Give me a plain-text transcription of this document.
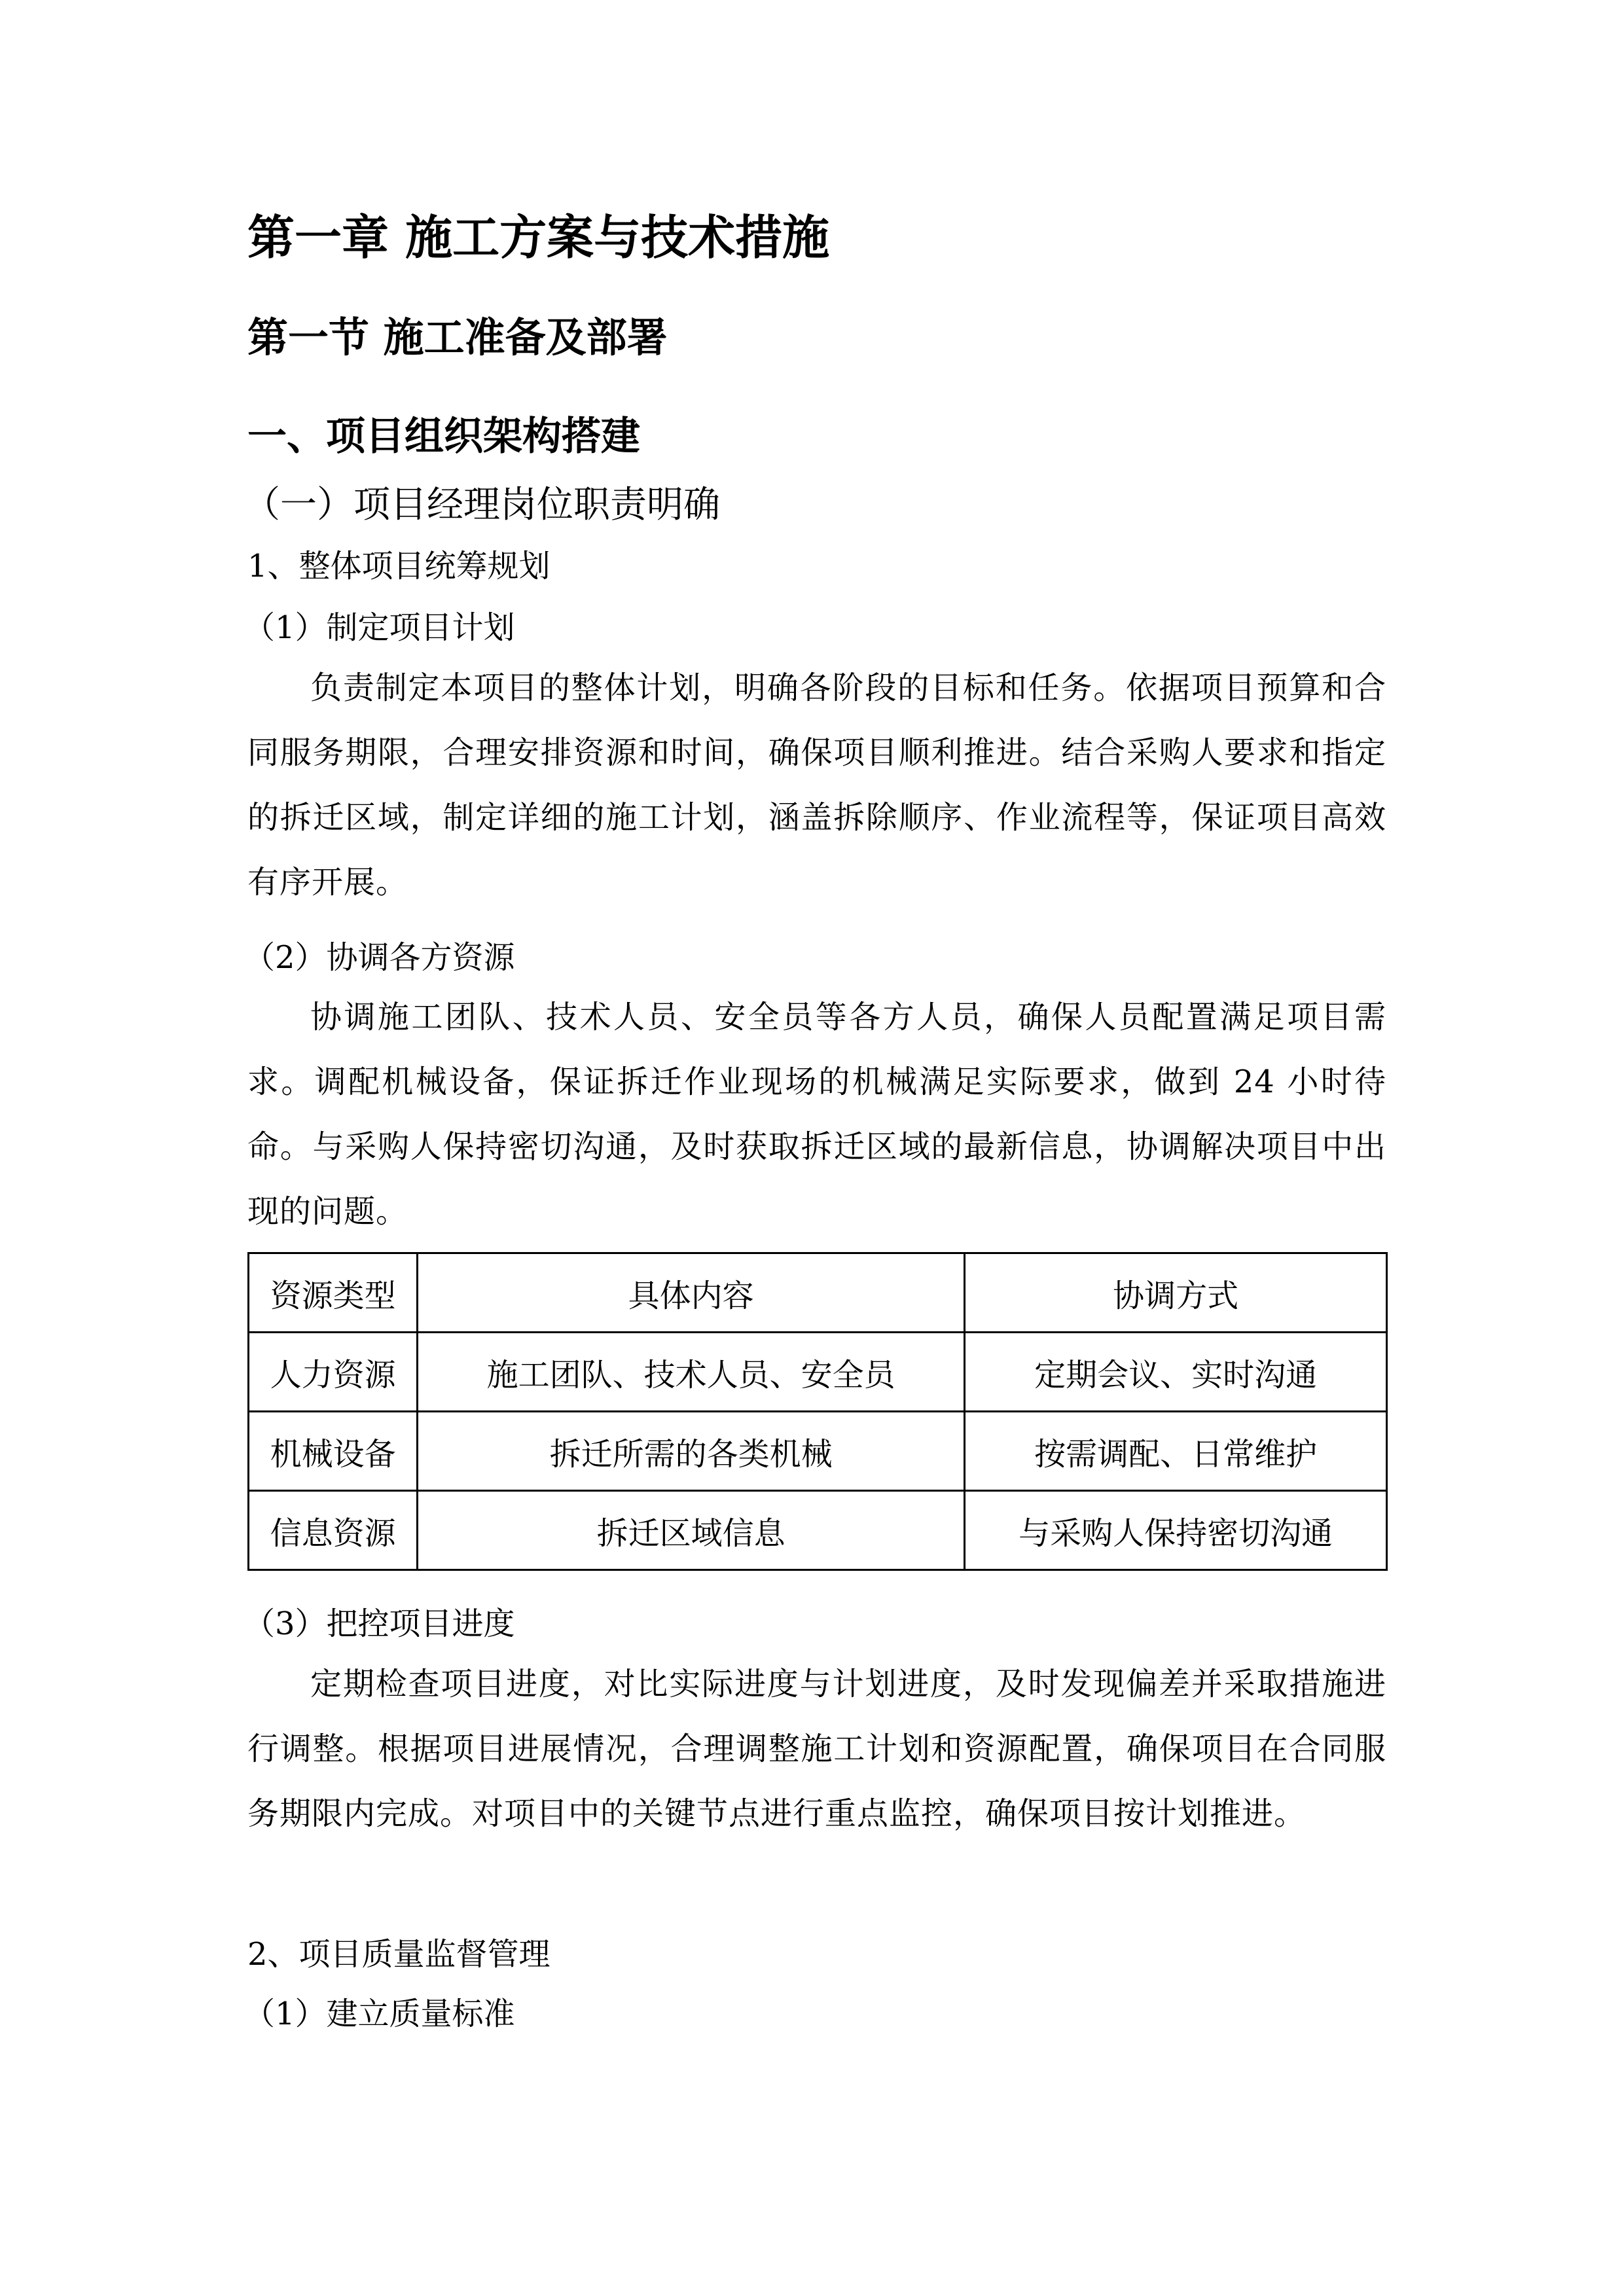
第一章 施工方案与技术措施
第一节 施工准备及部署
一、项目组织架构搭建
（一）项目经理岗位职责明确
1、整体项目统筹规划
（1）制定项目计划
负责制定本项目的整体计划，明确各阶段的目标和任务。依据项目预算和合同服务期限，合理安排资源和时间，确保项目顺利推进。结合采购人要求和指定的拆迁区域，制定详细的施工计划，涵盖拆除顺序、作业流程等，保证项目高效有序开展。
（2）协调各方资源
协调施工团队、技术人员、安全员等各方人员，确保人员配置满足项目需求。调配机械设备，保证拆迁作业现场的机械满足实际要求，做到 24 小时待命。与采购人保持密切沟通，及时获取拆迁区域的最新信息，协调解决项目中出现的问题。
资源类型	具体内容	协调方式
人力资源	施工团队、技术人员、安全员	定期会议、实时沟通
机械设备	拆迁所需的各类机械	按需调配、日常维护
信息资源	拆迁区域信息	与采购人保持密切沟通
（3）把控项目进度
定期检查项目进度，对比实际进度与计划进度，及时发现偏差并采取措施进行调整。根据项目进展情况，合理调整施工计划和资源配置，确保项目在合同服务期限内完成。对项目中的关键节点进行重点监控，确保项目按计划推进。
2、项目质量监督管理
（1）建立质量标准
